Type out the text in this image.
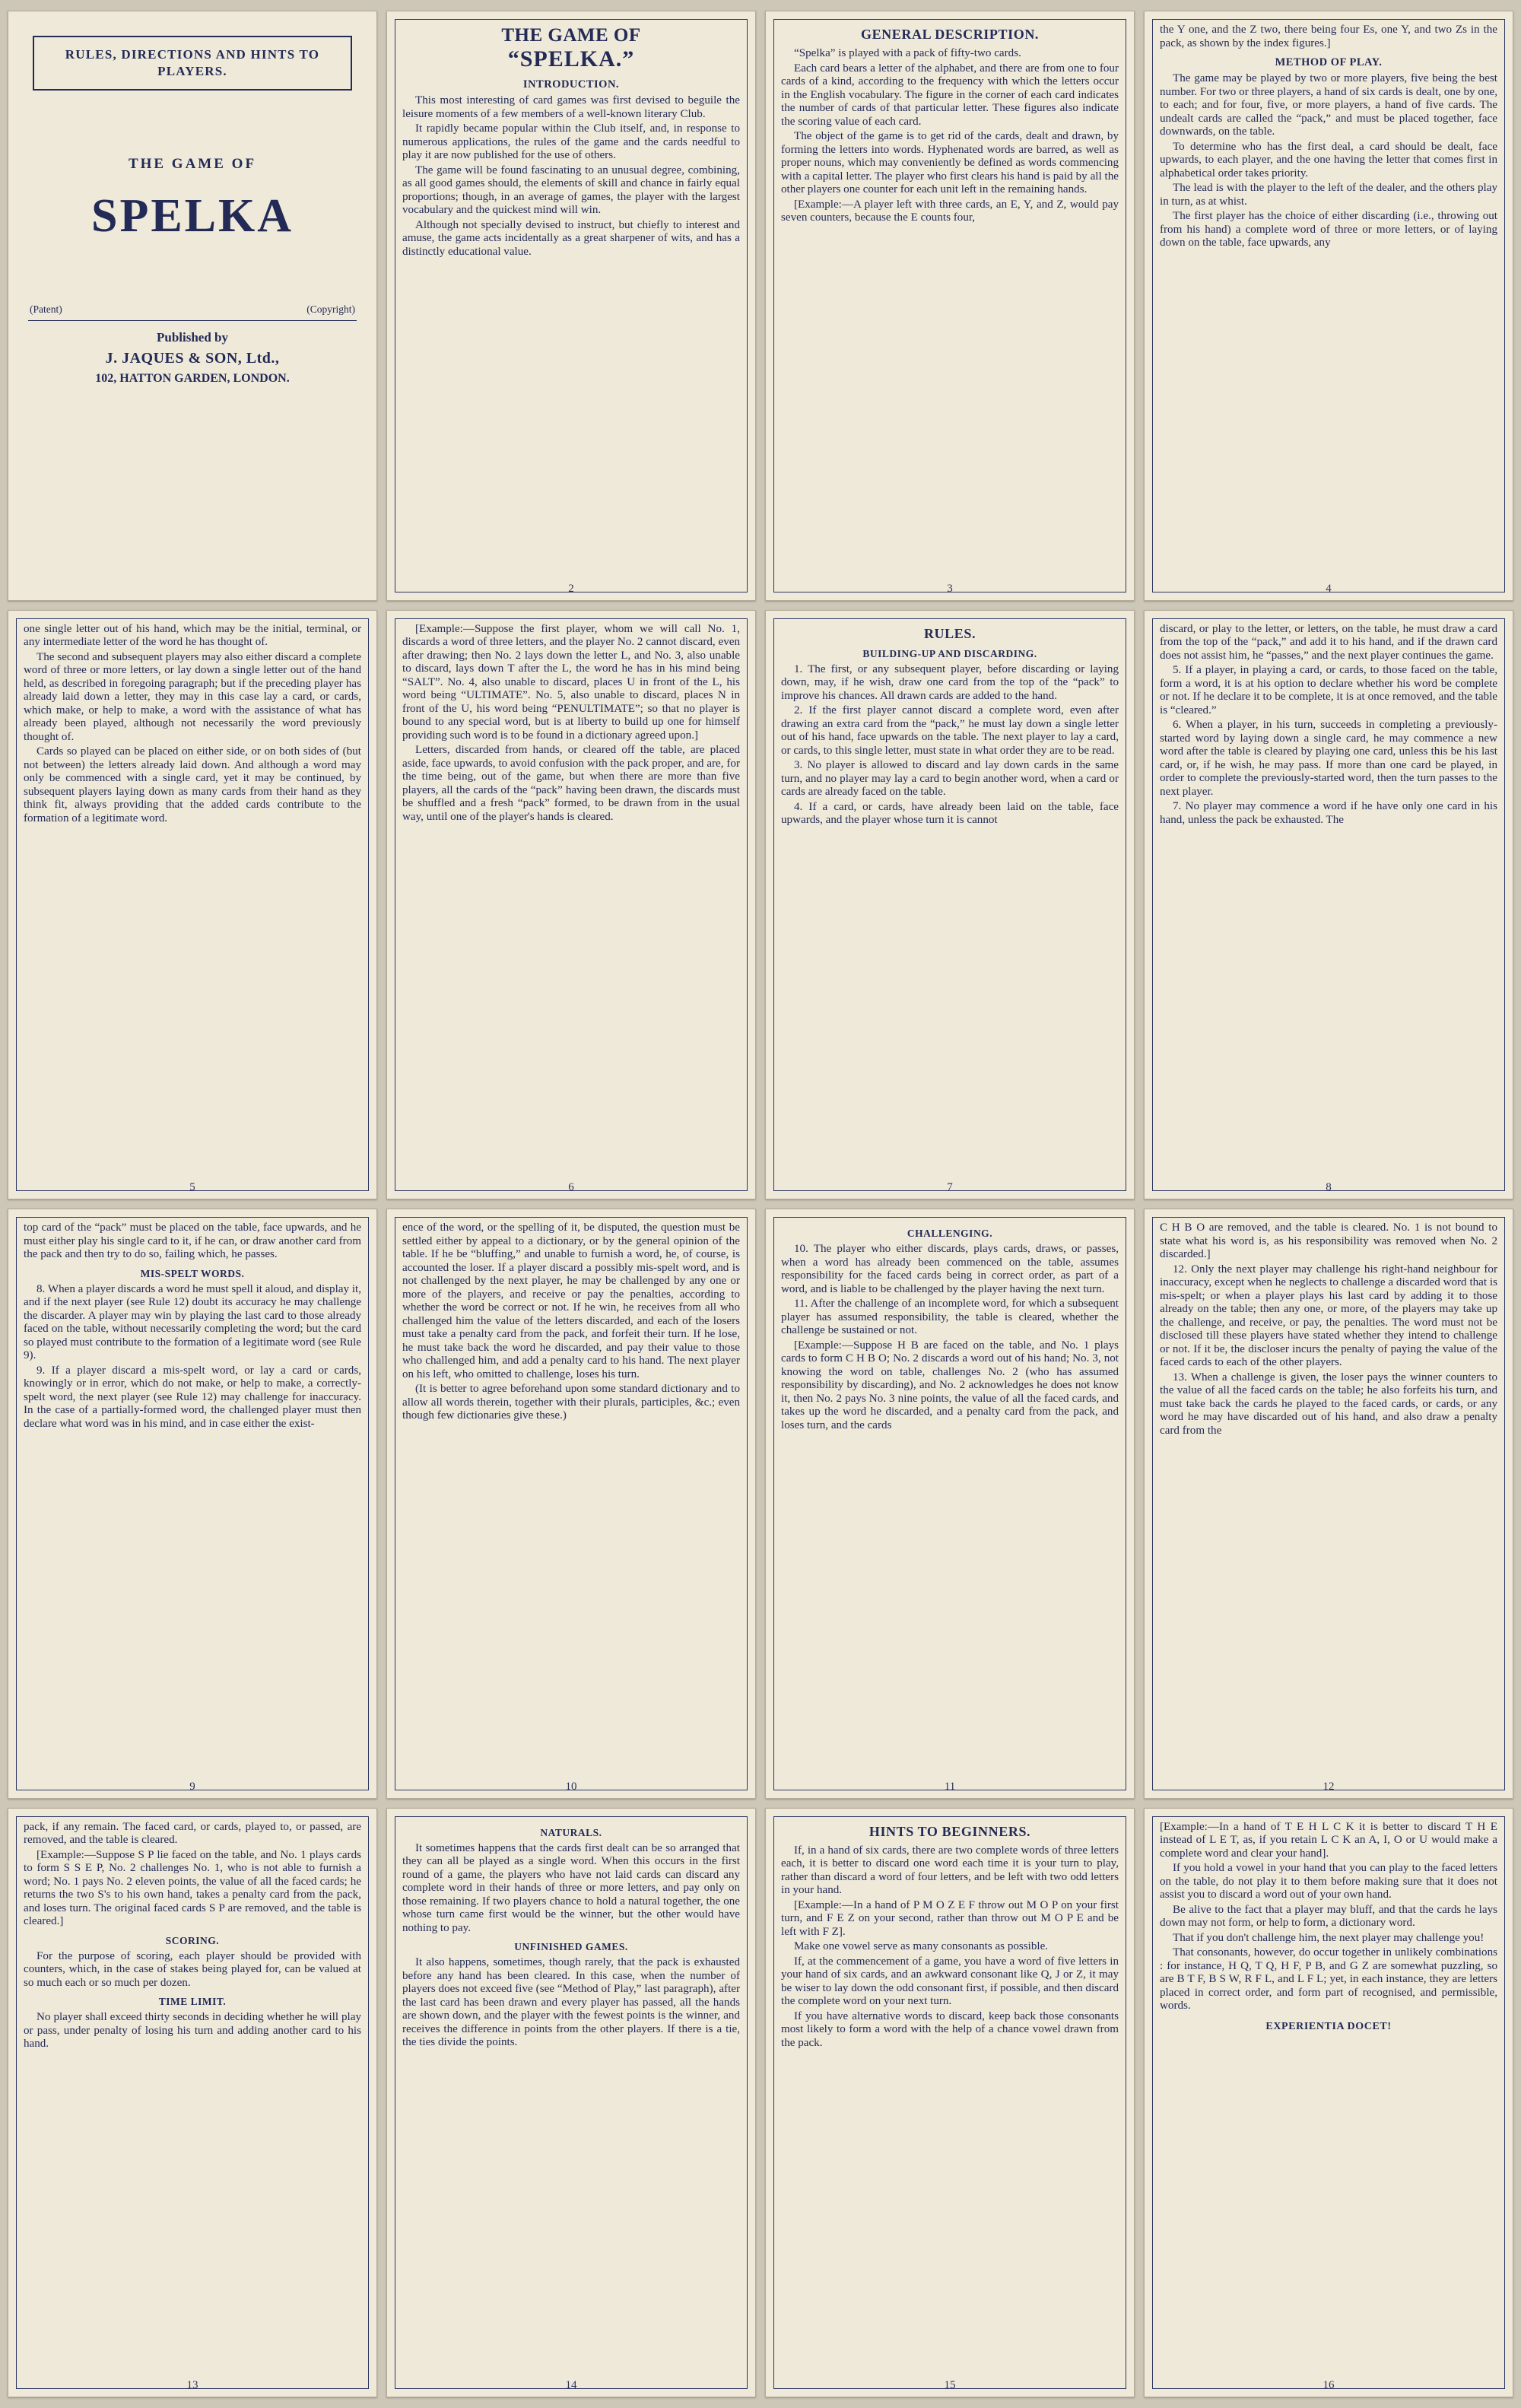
RULES, DIRECTIONS AND HINTS TO PLAYERS.
THE GAME OF
SPELKA
(Patent)	(Copyright)
Published by
J. JAQUES & SON, Ltd.,
102, HATTON GARDEN, LONDON.
THE GAME OF
“SPELKA.”
INTRODUCTION.

This most interesting of card games was first devised to beguile the leisure moments of a few members of a well-known literary Club.

It rapidly became popular within the Club itself, and, in response to numerous applications, the rules of the game and the cards needful to play it are now published for the use of others.

The game will be found fascinating to an unusual degree, combining, as all good games should, the elements of skill and chance in fairly equal proportions; though, in an average of games, the player with the largest vocabulary and the quickest mind will win.

Although not specially devised to instruct, but chiefly to interest and amuse, the game acts incidentally as a great sharpener of wits, and has a distinctly educational value.

2
GENERAL DESCRIPTION.

“Spelka” is played with a pack of fifty-two cards.

Each card bears a letter of the alphabet, and there are from one to four cards of a kind, according to the frequency with which the letters occur in the English vocabulary. The figure in the corner of each card indicates the number of cards of that particular letter. These figures also indicate the scoring value of each card.

The object of the game is to get rid of the cards, dealt and drawn, by forming the letters into words. Hyphenated words are barred, as well as proper nouns, which may conveniently be defined as words commencing with a capital letter. The player who first clears his hand is paid by all the other players one counter for each unit left in the remaining hands.

[Example:—A player left with three cards, an E, Y, and Z, would pay seven counters, because the E counts four,

3

the Y one, and the Z two, there being four Es, one Y, and two Zs in the pack, as shown by the index figures.]

METHOD OF PLAY.

The game may be played by two or more players, five being the best number. For two or three players, a hand of six cards is dealt, one by one, to each; and for four, five, or more players, a hand of five cards. The undealt cards are called the “pack,” and must be placed together, face downwards, on the table.

To determine who has the first deal, a card should be dealt, face upwards, to each player, and the one having the letter that comes first in alphabetical order takes priority.

The lead is with the player to the left of the dealer, and the others play in turn, as at whist.

The first player has the choice of either discarding (i.e., throwing out from his hand) a complete word of three or more letters, or of laying down on the table, face upwards, any

4

one single letter out of his hand, which may be the initial, terminal, or any intermediate letter of the word he has thought of.

The second and subsequent players may also either discard a complete word of three or more letters, or lay down a single letter out of the hand held, as described in foregoing paragraph; but if the preceding player has already laid down a letter, they may in this case lay a card, or cards, which make, or help to make, a word with the assistance of what has already been played, although not necessarily the word previously thought of.

Cards so played can be placed on either side, or on both sides of (but not between) the letters already laid down. And although a word may only be commenced with a single card, yet it may be continued, by subsequent players laying down as many cards from their hand as they think fit, always providing that the added cards contribute to the formation of a legitimate word.

5

[Example:—Suppose the first player, whom we will call No. 1, discards a word of three letters, and the player No. 2 cannot discard, even after drawing; then No. 2 lays down the letter L, and No. 3, also unable to discard, lays down T after the L, the word he has in his mind being “SALT”. No. 4, also unable to discard, places U in front of the L, his word being “ULTIMATE”. No. 5, also unable to discard, places N in front of the U, his word being “PENULTIMATE”; so that no player is bound to any special word, but is at liberty to build up one for himself providing such word is to be found in a dictionary agreed upon.]

Letters, discarded from hands, or cleared off the table, are placed aside, face upwards, to avoid confusion with the pack proper, and are, for the time being, out of the game, but when there are more than five players, all the cards of the “pack” having been drawn, the discards must be shuffled and a fresh “pack” formed, to be drawn from in the usual way, until one of the player's hands is cleared.

6
RULES.
BUILDING-UP AND DISCARDING.

1. The first, or any subsequent player, before discarding or laying down, may, if he wish, draw one card from the top of the “pack” to improve his chances. All drawn cards are added to the hand.

2. If the first player cannot discard a complete word, even after drawing an extra card from the “pack,” he must lay down a single letter out of his hand, face upwards on the table. The next player to lay a card, or cards, to this single letter, must state in what order they are to be read.

3. No player is allowed to discard and lay down cards in the same turn, and no player may lay a card to begin another word, when a card or cards are already faced on the table.

4. If a card, or cards, have already been laid on the table, face upwards, and the player whose turn it is cannot

7

discard, or play to the letter, or letters, on the table, he must draw a card from the top of the “pack,” and add it to his hand, and if the drawn card does not assist him, he “passes,” and the next player continues the game.

5. If a player, in playing a card, or cards, to those faced on the table, form a word, it is at his option to declare whether his word be complete or not. If he declare it to be complete, it is at once removed, and the table is “cleared.”

6. When a player, in his turn, succeeds in completing a previously-started word by laying down a single card, he may commence a new word after the table is cleared by playing one card, unless this be his last card, or, if he wish, he may pass. If more than one card be played, in order to complete the previously-started word, then the turn passes to the next player.

7. No player may commence a word if he have only one card in his hand, unless the pack be exhausted. The

8

top card of the “pack” must be placed on the table, face upwards, and he must either play his single card to it, if he can, or draw another card from the pack and then try to do so, failing which, he passes.

MIS-SPELT WORDS.

8. When a player discards a word he must spell it aloud, and display it, and if the next player (see Rule 12) doubt its accuracy he may challenge the discarder. A player may win by playing the last card to those already faced on the table, without necessarily completing the word; but the card so played must contribute to the formation of a legitimate word (see Rule 9).

9. If a player discard a mis-spelt word, or lay a card or cards, knowingly or in error, which do not make, or help to make, a correctly-spelt word, the next player (see Rule 12) may challenge for inaccuracy. In the case of a partially-formed word, the challenged player must then declare what word was in his mind, and in case either the exist-

9

ence of the word, or the spelling of it, be disputed, the question must be settled either by appeal to a dictionary, or by the general opinion of the table. If he be “bluffing,” and unable to furnish a word, he, of course, is accounted the loser. If a player discard a possibly mis-spelt word, and is not challenged by the next player, he may be challenged by any one or more of the players, and receive or pay the penalties, according to whether the word be correct or not. If he win, he receives from all who challenged him the value of the letters discarded, and each of the losers must take a penalty card from the pack, and forfeit their turn. If he lose, he must take back the word he discarded, and pay their value to those who challenged him, and add a penalty card to his hand. The next player on his left, who omitted to challenge, loses his turn.

(It is better to agree beforehand upon some standard dictionary and to allow all words therein, together with their plurals, participles, &c.; even though few dictionaries give these.)

10
CHALLENGING.

10. The player who either discards, plays cards, draws, or passes, when a word has already been commenced on the table, assumes responsibility for the faced cards being in correct order, as part of a word, and is liable to be challenged by the player having the next turn.

11. After the challenge of an incomplete word, for which a subsequent player has assumed responsibility, the table is cleared, whether the challenge be sustained or not.

[Example:—Suppose H B are faced on the table, and No. 1 plays cards to form C H B O; No. 2 discards a word out of his hand; No. 3, not knowing the word on table, challenges No. 2 (who has assumed responsibility by discarding), and No. 2 acknowledges he does not know it, then No. 2 pays No. 3 nine points, the value of all the faced cards, and takes up the word he discarded, and a penalty card from the pack, and loses turn, and the cards

11

C H B O are removed, and the table is cleared. No. 1 is not bound to state what his word is, as his responsibility was removed when No. 2 discarded.]

12. Only the next player may challenge his right-hand neighbour for inaccuracy, except when he neglects to challenge a discarded word that is mis-spelt; or when a player plays his last card by adding it to those already on the table; then any one, or more, of the players may take up the challenge, and receive, or pay, the penalties. The word must not be disclosed till these players have stated whether they intend to challenge or not. If it be, the discloser incurs the penalty of paying the value of the faced cards to each of the other players.

13. When a challenge is given, the loser pays the winner counters to the value of all the faced cards on the table; he also forfeits his turn, and must take back the cards he played to the faced cards, or cards, or any word he may have discarded out of his hand, and also draw a penalty card from the

12

pack, if any remain. The faced card, or cards, played to, or passed, are removed, and the table is cleared.

[Example:—Suppose S P lie faced on the table, and No. 1 plays cards to form S S E P, No. 2 challenges No. 1, who is not able to furnish a word; No. 1 pays No. 2 eleven points, the value of all the faced cards; he returns the two S's to his own hand, takes a penalty card from the pack, and loses turn. The original faced cards S P are removed, and the table is cleared.]

SCORING.

For the purpose of scoring, each player should be provided with counters, which, in the case of stakes being played for, can be valued at so much each or so much per dozen.

TIME LIMIT.

No player shall exceed thirty seconds in deciding whether he will play or pass, under penalty of losing his turn and adding another card to his hand.

13
NATURALS.

It sometimes happens that the cards first dealt can be so arranged that they can all be played as a single word. When this occurs in the first round of a game, the players who have not laid cards can discard any complete word in their hands of three or more letters, and pay only on those remaining. If two players chance to hold a natural together, the one whose turn came first would be the winner, but the other would have nothing to pay.

UNFINISHED GAMES.

It also happens, sometimes, though rarely, that the pack is exhausted before any hand has been cleared. In this case, when the number of players does not exceed five (see “Method of Play,” last paragraph), after the last card has been drawn and every player has passed, all the hands are shown down, and the player with the fewest points is the winner, and receives the difference in points from the other players. If there is a tie, the ties divide the points.

14
HINTS TO BEGINNERS.

If, in a hand of six cards, there are two complete words of three letters each, it is better to discard one word each time it is your turn to play, rather than discard a word of four letters, and be left with two odd letters in your hand.

[Example:—In a hand of P M O Z E F throw out M O P on your first turn, and F E Z on your second, rather than throw out M O P E and be left with F Z].

Make one vowel serve as many consonants as possible.

If, at the commencement of a game, you have a word of five letters in your hand of six cards, and an awkward consonant like Q, J or Z, it may be wiser to lay down the odd consonant first, if possible, and then discard the complete word on your next turn.

If you have alternative words to discard, keep back those consonants most likely to form a word with the help of a chance vowel drawn from the pack.

15

[Example:—In a hand of T E H L C K it is better to discard T H E instead of L E T, as, if you retain L C K an A, I, O or U would make a complete word and clear your hand].

If you hold a vowel in your hand that you can play to the faced letters on the table, do not play it to them before making sure that it does not assist you to discard a word out of your own hand.

Be alive to the fact that a player may bluff, and that the cards he lays down may not form, or help to form, a dictionary word.

That if you don't challenge him, the next player may challenge you!

That consonants, however, do occur together in unlikely combinations : for instance, H Q, T Q, H F, P B, and G Z are somewhat puzzling, so are B T F, B S W, R F L, and L F L; yet, in each instance, they are letters placed in correct order, and form part of recognised, and permissible, words.

EXPERIENTIA DOCET!
16
